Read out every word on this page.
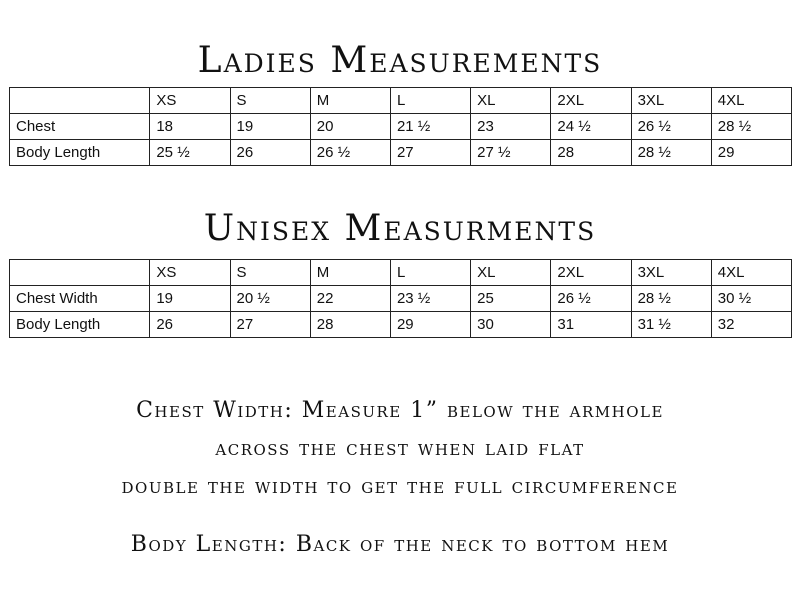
Ladies Measurements
	XS	S	M	L	XL	2XL	3XL	4XL
Chest	18	19	20	21 ½	23	24 ½	26 ½	28 ½
Body Length	25 ½	26	26 ½	27	27 ½	28	28 ½	29
Unisex Measurments
	XS	S	M	L	XL	2XL	3XL	4XL
Chest Width	19	20 ½	22	23 ½	25	26 ½	28 ½	30 ½
Body Length	26	27	28	29	30	31	31 ½	32
Chest Width: Measure 1” below the armhole
across the chest when laid flat
double the width to get the full circumference
Body Length: Back of the neck to bottom hem
